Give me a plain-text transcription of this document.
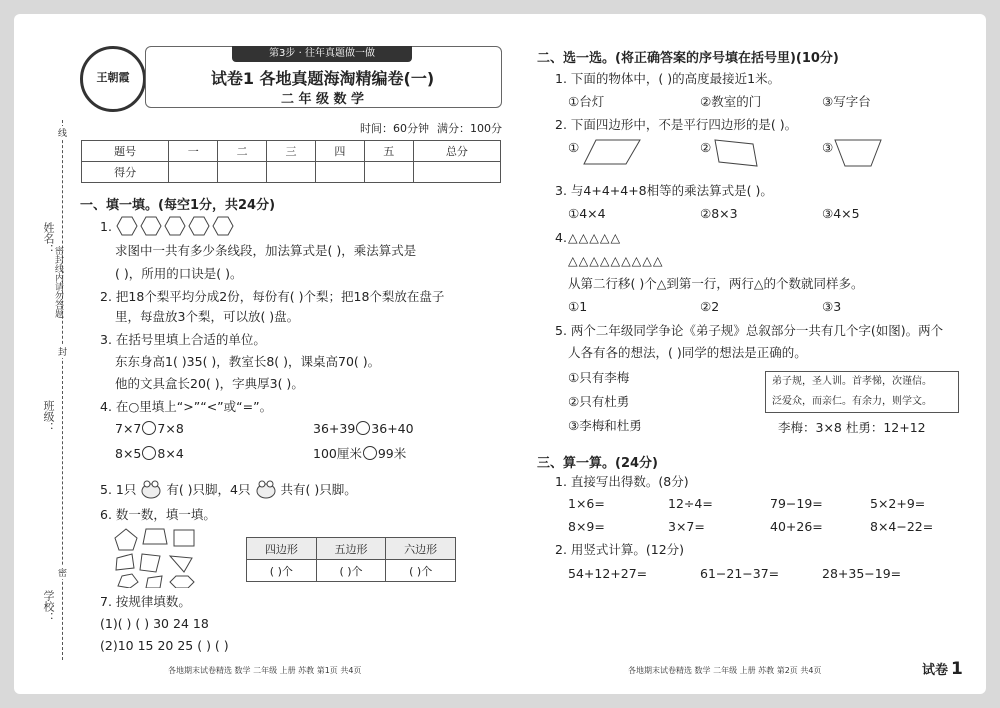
线
封
密
姓名：
密封线内请勿答题
班级：
学校：
王朝霞
第3步 · 往年真题做一做
试卷1 各地真题海淘精编卷(一)
二 年 级 数 学
时间：60分钟 满分：100分
题号	一	二	三	四	五	总分
得分						
一、填一填。(每空1分，共24分)
1.
求图中一共有多少条线段，加法算式是( )，乘法算式是
( )，所用的口诀是( )。
2. 把18个梨平均分成2份，每份有( )个梨；把18个梨放在盘子
里，每盘放3个梨，可以放( )盘。
3. 在括号里填上合适的单位。
东东身高1( )35( )，教室长8( )，课桌高70( )。
他的文具盒长20( )，字典厚3( )。
4. 在○里填上“>”“<”或“=”。
7×7 7×8	36+39 36+40
8×5 8×4	100厘米 99米
5. 1只 有( )只脚，4只 共有( )只脚。
6. 数一数，填一填。
四边形	五边形	六边形
( )个	( )个	( )个
7. 按规律填数。
(1)( ) ( ) 30 24 18
(2)10 15 20 25 ( ) ( )
二、选一选。(将正确答案的序号填在括号里)(10分)
1. 下面的物体中，( )的高度最接近1米。
①台灯	②教室的门	③写字台
2. 下面四边形中，不是平行四边形的是( )。
①	②	③
3. 与4+4+4+8相等的乘法算式是( )。
①4×4	②8×3	③4×5
4. △△△△△
△△△△△△△△△
从第二行移( )个△到第一行，两行△的个数就同样多。
①1	②2	③3
5. 两个二年级同学争论《弟子规》总叙部分一共有几个字(如图)。两个
人各有各的想法，( )同学的想法是正确的。
①只有李梅
②只有杜勇
③李梅和杜勇
弟子规，圣人训。首孝悌，次谨信。
泛爱众，而亲仁。有余力，则学文。
李梅：3×8 杜勇：12+12
三、算一算。(24分)
1. 直接写出得数。(8分)
1×6=	12÷4=	79−19=	5×2+9=
8×9=	3×7=	40+26=	8×4−22=
2. 用竖式计算。(12分)
54+12+27=	61−21−37=	28+35−19=
各地期末试卷精选 数学 二年级 上册 苏教 第1页 共4页	各地期末试卷精选 数学 二年级 上册 苏教 第2页 共4页	试卷 1
